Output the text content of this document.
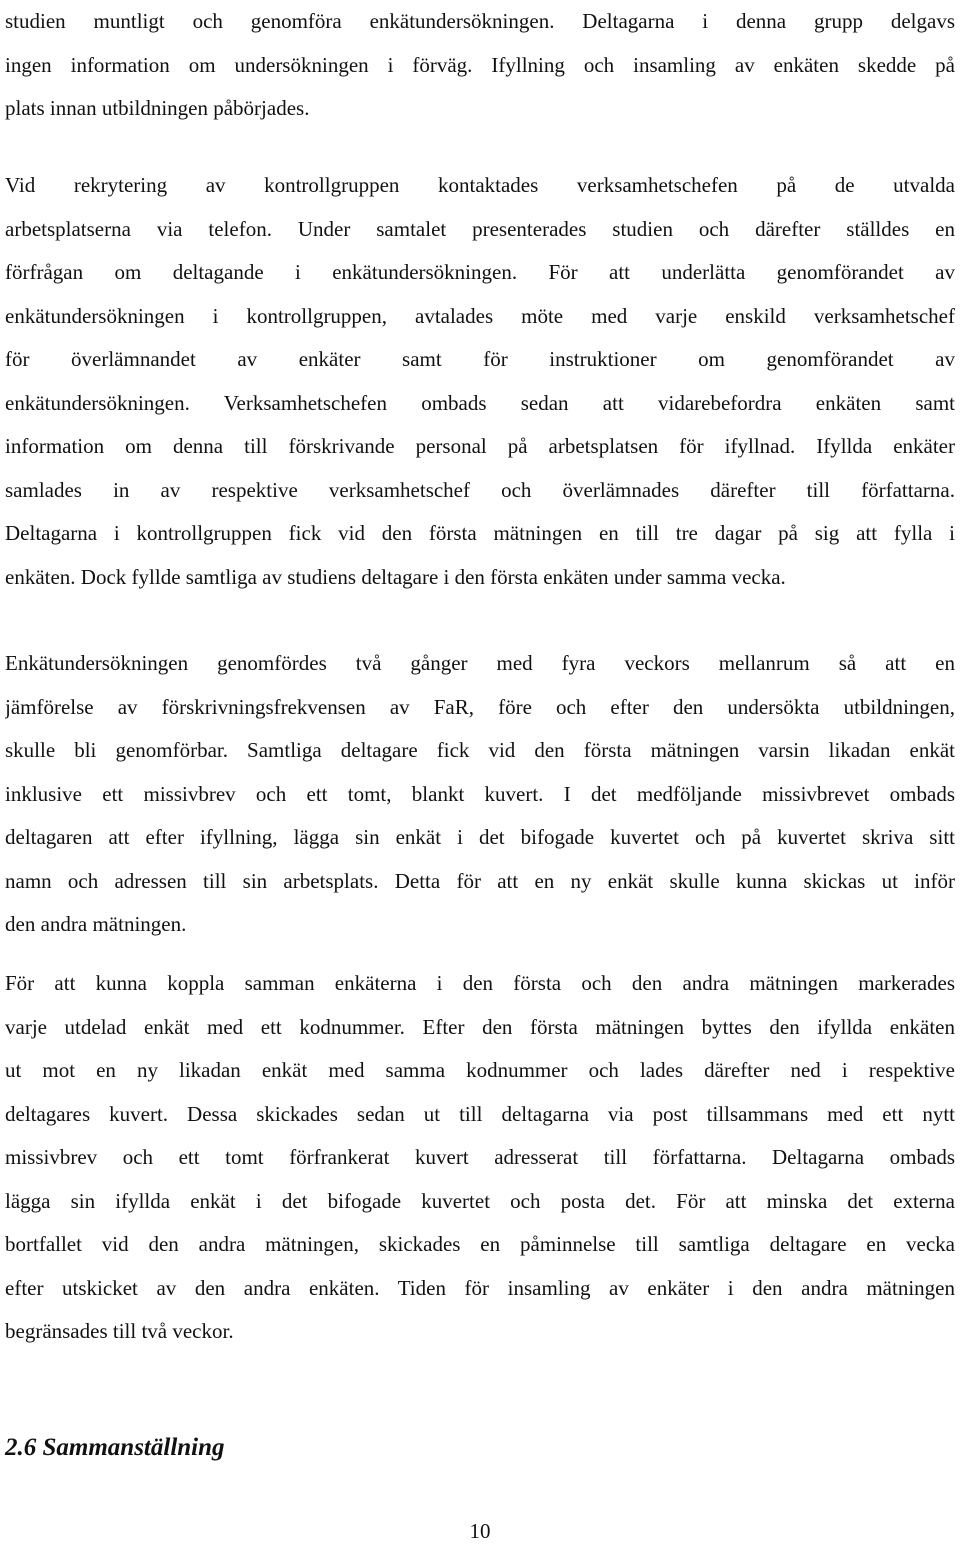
studien muntligt och genomföra enkätundersökningen. Deltagarna i denna grupp delgavs
ingen information om undersökningen i förväg. Ifyllning och insamling av enkäten skedde på
plats innan utbildningen påbörjades.
Vid rekrytering av kontrollgruppen kontaktades verksamhetschefen på de utvalda
arbetsplatserna via telefon. Under samtalet presenterades studien och därefter ställdes en
förfrågan om deltagande i enkätundersökningen. För att underlätta genomförandet av
enkätundersökningen i kontrollgruppen, avtalades möte med varje enskild verksamhetschef
för överlämnandet av enkäter samt för instruktioner om genomförandet av
enkätundersökningen. Verksamhetschefen ombads sedan att vidarebefordra enkäten samt
information om denna till förskrivande personal på arbetsplatsen för ifyllnad. Ifyllda enkäter
samlades in av respektive verksamhetschef och överlämnades därefter till författarna.
Deltagarna i kontrollgruppen fick vid den första mätningen en till tre dagar på sig att fylla i
enkäten. Dock fyllde samtliga av studiens deltagare i den första enkäten under samma vecka.
Enkätundersökningen genomfördes två gånger med fyra veckors mellanrum så att en
jämförelse av förskrivningsfrekvensen av FaR, före och efter den undersökta utbildningen,
skulle bli genomförbar. Samtliga deltagare fick vid den första mätningen varsin likadan enkät
inklusive ett missivbrev och ett tomt, blankt kuvert. I det medföljande missivbrevet ombads
deltagaren att efter ifyllning, lägga sin enkät i det bifogade kuvertet och på kuvertet skriva sitt
namn och adressen till sin arbetsplats. Detta för att en ny enkät skulle kunna skickas ut inför
den andra mätningen.
För att kunna koppla samman enkäterna i den första och den andra mätningen markerades
varje utdelad enkät med ett kodnummer. Efter den första mätningen byttes den ifyllda enkäten
ut mot en ny likadan enkät med samma kodnummer och lades därefter ned i respektive
deltagares kuvert. Dessa skickades sedan ut till deltagarna via post tillsammans med ett nytt
missivbrev och ett tomt förfrankerat kuvert adresserat till författarna. Deltagarna ombads
lägga sin ifyllda enkät i det bifogade kuvertet och posta det. För att minska det externa
bortfallet vid den andra mätningen, skickades en påminnelse till samtliga deltagare en vecka
efter utskicket av den andra enkäten. Tiden för insamling av enkäter i den andra mätningen
begränsades till två veckor.
2.6 Sammanställning
10
